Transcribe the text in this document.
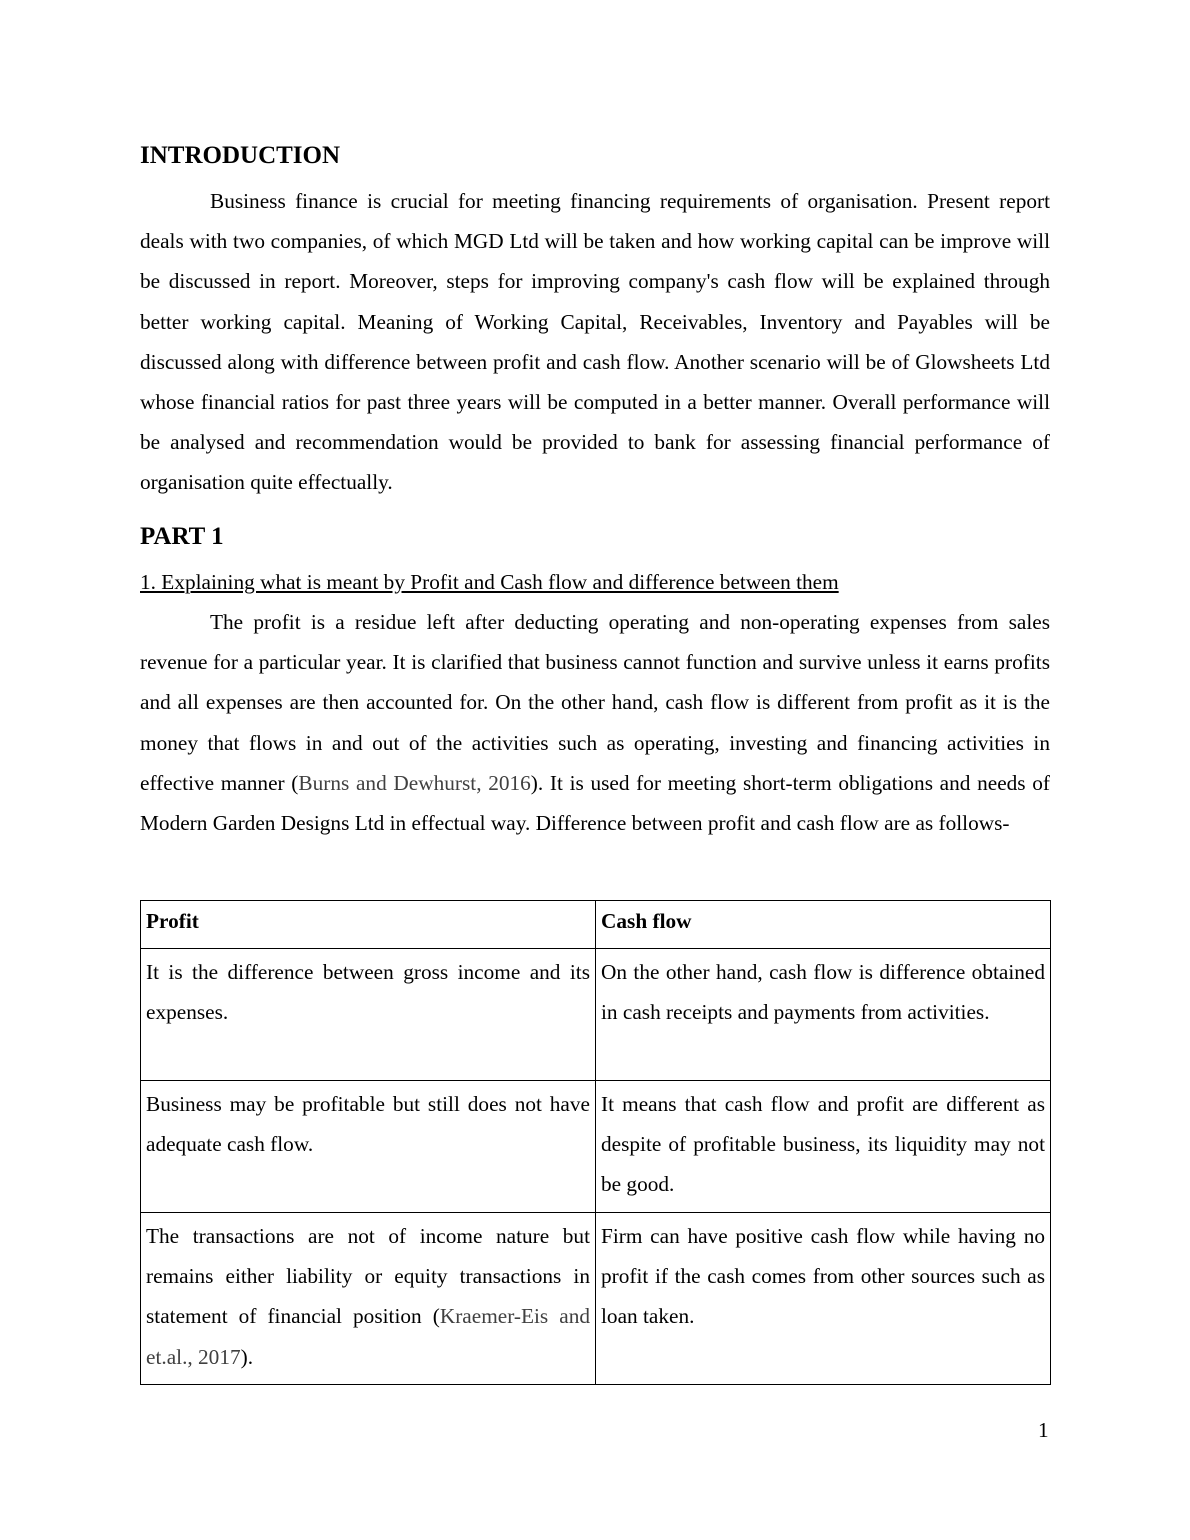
INTRODUCTION

Business finance is crucial for meeting financing requirements of organisation. Present report deals with two companies, of which MGD Ltd will be taken and how working capital can be improve will be discussed in report. Moreover, steps for improving company's cash flow will be explained through better working capital. Meaning of Working Capital, Receivables, Inventory and Payables will be discussed along with difference between profit and cash flow. Another scenario will be of Glowsheets Ltd whose financial ratios for past three years will be computed in a better manner. Overall performance will be analysed and recommendation would be provided to bank for assessing financial performance of organisation quite effectually.

PART 1

1. Explaining what is meant by Profit and Cash flow and difference between them

The profit is a residue left after deducting operating and non-operating expenses from sales revenue for a particular year. It is clarified that business cannot function and survive unless it earns profits and all expenses are then accounted for. On the other hand, cash flow is different from profit as it is the money that flows in and out of the activities such as operating, investing and financing activities in effective manner (Burns and Dewhurst, 2016). It is used for meeting short-term obligations and needs of Modern Garden Designs Ltd in effectual way. Difference between profit and cash flow are as follows-

Profit	Cash flow
It is the difference between gross income and its expenses.	On the other hand, cash flow is difference obtained in cash receipts and payments from activities.
Business may be profitable but still does not have adequate cash flow.	It means that cash flow and profit are different as despite of profitable business, its liquidity may not be good.
The transactions are not of income nature but remains either liability or equity transactions in statement of financial position (Kraemer-Eis and et.al., 2017).	Firm can have positive cash flow while having no profit if the cash comes from other sources such as loan taken.
1
